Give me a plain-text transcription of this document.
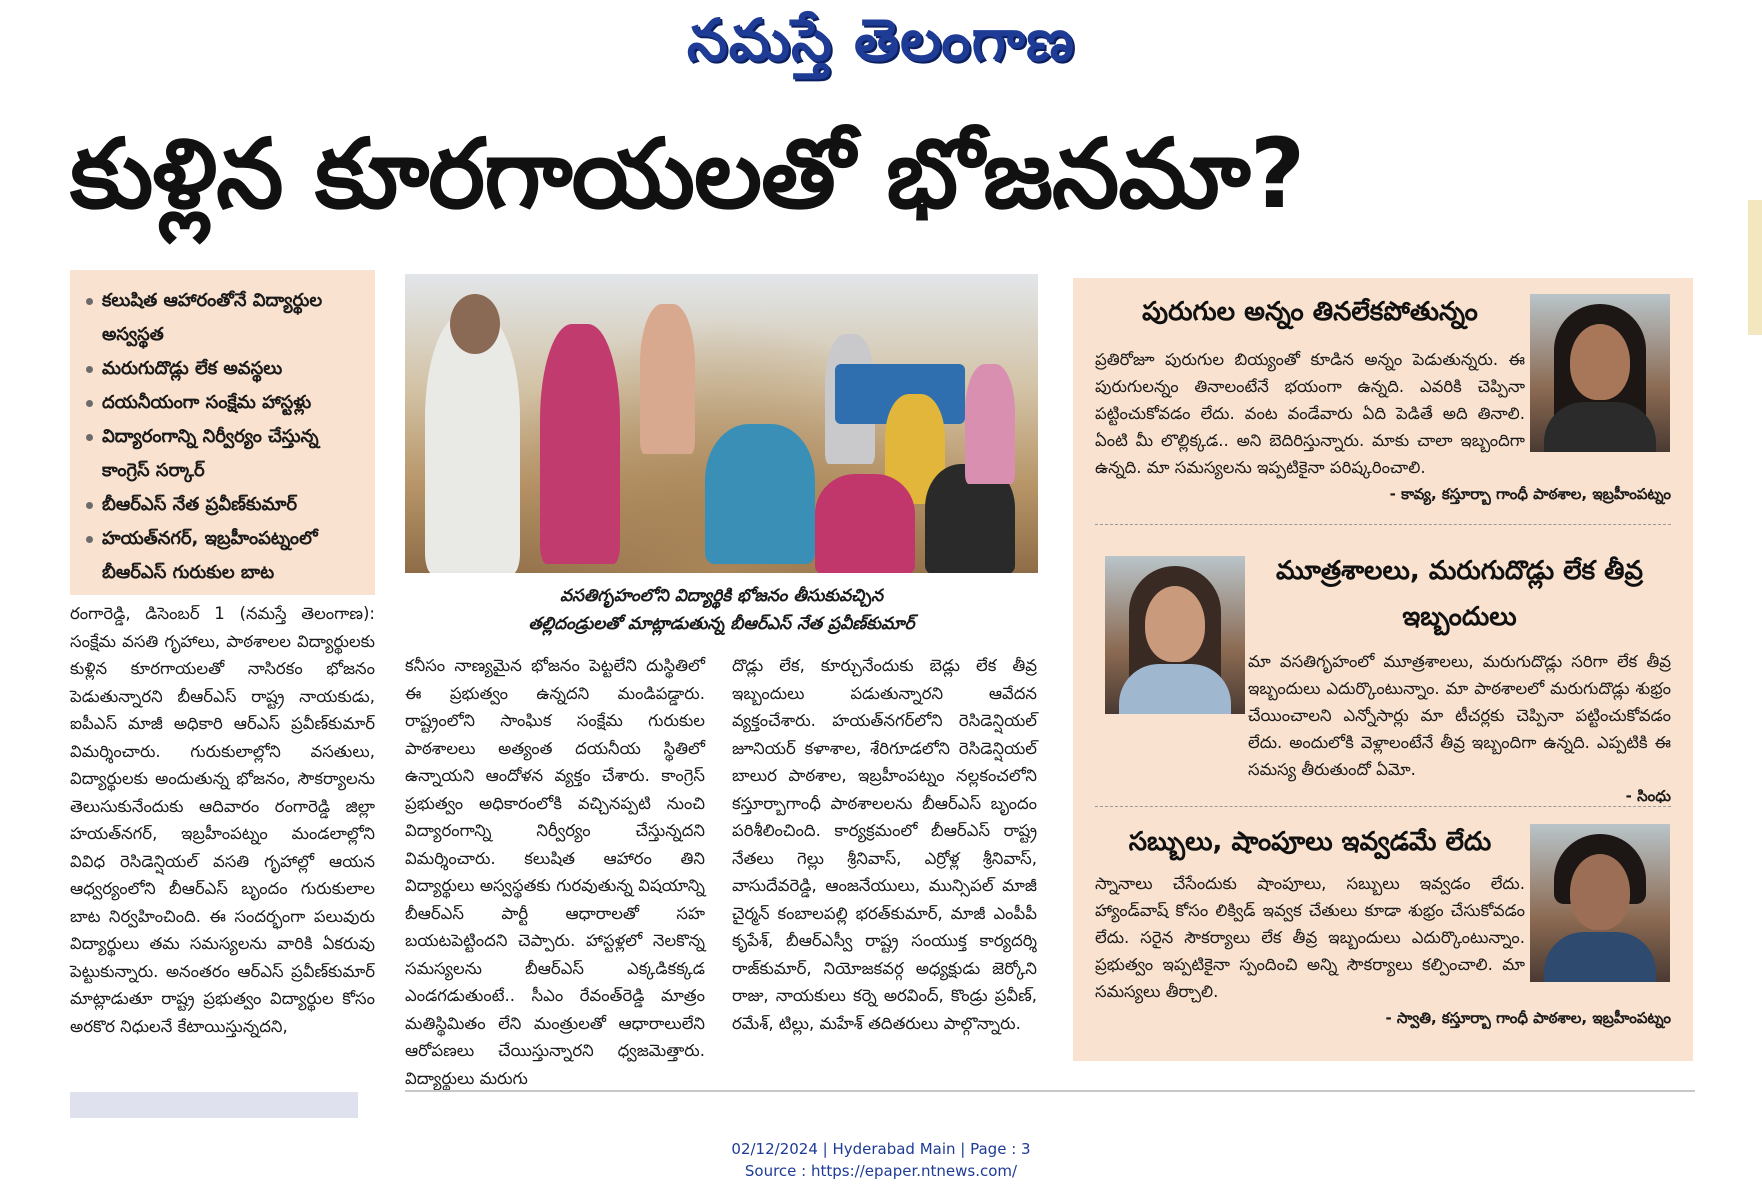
నమస్తే తెలంగాణ
కుళ్లిన కూరగాయలతో భోజనమా?
కలుషిత ఆహారంతోనే విద్యార్థుల అస్వస్థత
మరుగుదొడ్లు లేక అవస్థలు
దయనీయంగా సంక్షేమ హాస్టళ్లు
విద్యారంగాన్ని నిర్వీర్యం చేస్తున్న కాంగ్రెస్ సర్కార్
బీఆర్ఎస్ నేత ప్రవీణ్‌కుమార్
హయత్‌నగర్, ఇబ్రహీంపట్నంలో బీఆర్ఎస్ గురుకుల బాట
వసతిగృహంలోని విద్యార్థికి భోజనం తీసుకువచ్చిన
తల్లిదండ్రులతో మాట్లాడుతున్న బీఆర్ఎస్ నేత ప్రవీణ్‌కుమార్

రంగారెడ్డి, డిసెంబర్ 1 (నమస్తే తెలంగాణ): సంక్షేమ వసతి గృహాలు, పాఠశాలల విద్యార్థులకు కుళ్లిన కూరగాయలతో నాసిరకం భోజనం పెడుతున్నారని బీఆర్ఎస్ రాష్ట్ర నాయకుడు, ఐపీఎస్ మాజీ అధికారి ఆర్ఎస్ ప్రవీణ్‌కుమార్ విమర్శించారు. గురుకులాల్లోని వసతులు, విద్యార్థులకు అందుతున్న భోజనం, సౌకర్యాలను తెలుసుకునేందుకు ఆదివారం రంగారెడ్డి జిల్లా హయత్‌నగర్, ఇబ్రహీంపట్నం మండలాల్లోని వివిధ రెసిడెన్షియల్ వసతి గృహాల్లో ఆయన ఆధ్వర్యంలోని బీఆర్ఎస్ బృందం గురుకులాల బాట నిర్వహించింది. ఈ సందర్భంగా పలువురు విద్యార్థులు తమ సమస్యలను వారికి ఏకరువు పెట్టుకున్నారు. అనంతరం ఆర్ఎస్ ప్రవీణ్‌కుమార్ మాట్లాడుతూ రాష్ట్ర ప్రభుత్వం విద్యార్థుల కోసం అరకొర నిధులనే కేటాయిస్తున్నదని,

కనీసం నాణ్యమైన భోజనం పెట్టలేని దుస్థితిలో ఈ ప్రభుత్వం ఉన్నదని మండిపడ్డారు. రాష్ట్రంలోని సాంఘిక సంక్షేమ గురుకుల పాఠశాలలు అత్యంత దయనీయ స్థితిలో ఉన్నాయని ఆందోళన వ్యక్తం చేశారు. కాంగ్రెస్ ప్రభుత్వం అధికారంలోకి వచ్చినప్పటి నుంచి విద్యారంగాన్ని నిర్వీర్యం చేస్తున్నదని విమర్శించారు. కలుషిత ఆహారం తిని విద్యార్థులు అస్వస్థతకు గురవుతున్న విషయాన్ని బీఆర్ఎస్ పార్టీ ఆధారాలతో సహ బయటపెట్టిందని చెప్పారు. హాస్టళ్లలో నెలకొన్న సమస్యలను బీఆర్ఎస్ ఎక్కడికక్కడ ఎండగడుతుంటే.. సీఎం రేవంత్‌రెడ్డి మాత్రం మతిస్థిమితం లేని మంత్రులతో ఆధారాలులేని ఆరోపణలు చేయిస్తున్నారని ధ్వజమెత్తారు. విద్యార్థులు మరుగు

దొడ్లు లేక, కూర్చునేందుకు బెడ్లు లేక తీవ్ర ఇబ్బందులు పడుతున్నారని ఆవేదన వ్యక్తంచేశారు. హయత్‌నగర్‌లోని రెసిడెన్షియల్ జూనియర్ కళాశాల, శేరిగూడలోని రెసిడెన్షియల్ బాలుర పాఠశాల, ఇబ్రహీంపట్నం నల్లకంచలోని కస్తూర్బాగాంధీ పాఠశాలలను బీఆర్ఎస్ బృందం పరిశీలించింది. కార్యక్రమంలో బీఆర్ఎస్ రాష్ట్ర నేతలు గెల్లు శ్రీనివాస్, ఎర్రోళ్ల శ్రీనివాస్, వాసుదేవరెడ్డి, ఆంజనేయులు, మున్సిపల్ మాజీ చైర్మన్ కంబాలపల్లి భరత్‌కుమార్, మాజీ ఎంపీపీ కృపేశ్, బీఆర్ఎస్వీ రాష్ట్ర సంయుక్త కార్యదర్శి రాజ్‌కుమార్, నియోజకవర్గ అధ్యక్షుడు జెర్కోని రాజు, నాయకులు కర్నె అరవింద్, కొండ్రు ప్రవీణ్, రమేశ్, టిల్లు, మహేశ్ తదితరులు పాల్గొన్నారు.

పురుగుల అన్నం తినలేకపోతున్నం

ప్రతిరోజూ పురుగుల బియ్యంతో కూడిన అన్నం పెడుతున్నరు. ఈ పురుగులన్నం తినాలంటేనే భయంగా ఉన్నది. ఎవరికి చెప్పినా పట్టించుకోవడం లేదు. వంట వండేవారు ఏది పెడితే అది తినాలి. ఏంటి మీ లొల్లిక్కడ.. అని బెదిరిస్తున్నారు. మాకు చాలా ఇబ్బందిగా ఉన్నది. మా సమస్యలను ఇప్పటికైనా పరిష్కరించాలి.

- కావ్య, కస్తూర్బా గాంధీ పాఠశాల, ఇబ్రహీంపట్నం
మూత్రశాలలు, మరుగుదొడ్లు లేక తీవ్ర ఇబ్బందులు

మా వసతిగృహంలో మూత్రశాలలు, మరుగుదొడ్లు సరిగా లేక తీవ్ర ఇబ్బందులు ఎదుర్కొంటున్నాం. మా పాఠశాలలో మరుగుదొడ్లు శుభ్రం చేయించాలని ఎన్నోసార్లు మా టీచర్లకు చెప్పినా పట్టించుకోవడం లేదు. అందులోకి వెళ్లాలంటేనే తీవ్ర ఇబ్బందిగా ఉన్నది. ఎప్పటికి ఈ సమస్య తీరుతుందో ఏమో.

- సింధు
సబ్బులు, షాంపూలు ఇవ్వడమే లేదు

స్నానాలు చేసేందుకు షాంపూలు, సబ్బులు ఇవ్వడం లేదు. హ్యాండ్‌వాష్ కోసం లిక్విడ్ ఇవ్వక చేతులు కూడా శుభ్రం చేసుకోవడం లేదు. సరైన సౌకర్యాలు లేక తీవ్ర ఇబ్బందులు ఎదుర్కొంటున్నాం. ప్రభుత్వం ఇప్పటికైనా స్పందించి అన్ని సౌకర్యాలు కల్పించాలి. మా సమస్యలు తీర్చాలి.

- స్వాతి, కస్తూర్బా గాంధీ పాఠశాల, ఇబ్రహీంపట్నం
02/12/2024 | Hyderabad Main | Page : 3
Source : https://epaper.ntnews.com/
